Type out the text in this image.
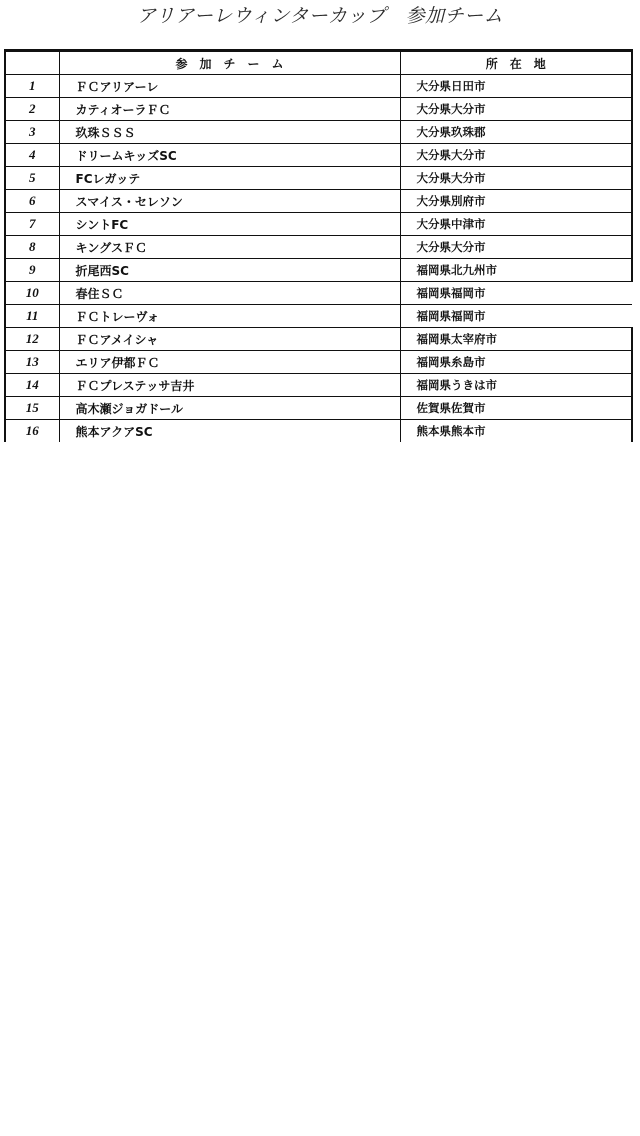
アリアーレウィンターカップ　参加チーム
	参加チーム	所在地
1	ＦＣアリアーレ	大分県日田市
2	カティオーラＦＣ	大分県大分市
3	玖珠ＳＳＳ	大分県玖珠郡
4	ドリームキッズSC	大分県大分市
5	FCレガッテ	大分県大分市
6	スマイス・セレソン	大分県別府市
7	シントFC	大分県中津市
8	キングスＦＣ	大分県大分市
9	折尾西SC	福岡県北九州市
10	春住ＳＣ	福岡県福岡市
11	ＦＣトレーヴォ	福岡県福岡市
12	ＦＣアメイシャ	福岡県太宰府市
13	エリア伊都ＦＣ	福岡県糸島市
14	ＦＣプレステッサ吉井	福岡県うきは市
15	高木瀬ジョガドール	佐賀県佐賀市
16	熊本アクアSC	熊本県熊本市
